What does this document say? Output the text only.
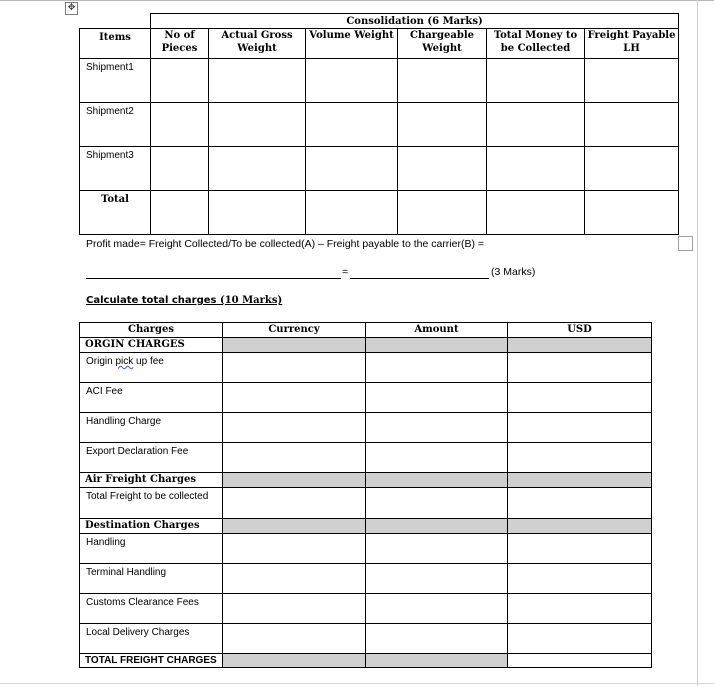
✥
	Consolidation (6 Marks)					
Items	No of Pieces	Actual Gross Weight	Volume Weight	Chargeable Weight	Total Money to be Collected	Freight Payable LH
Shipment1						
Shipment2						
Shipment3						
Total						
Profit made= Freight Collected/To be collected(A) – Freight payable to the carrier(B) =
=	(3 Marks)
Calculate total charges (10 Marks)
Charges	Currency	Amount	USD
ORGIN CHARGES			
Origin pick up fee			
ACI Fee			
Handling Charge			
Export Declaration Fee			
Air Freight Charges			
Total Freight to be collected			
Destination Charges			
Handling			
Terminal Handling			
Customs Clearance Fees			
Local Delivery Charges			
TOTAL FREIGHT CHARGES			
